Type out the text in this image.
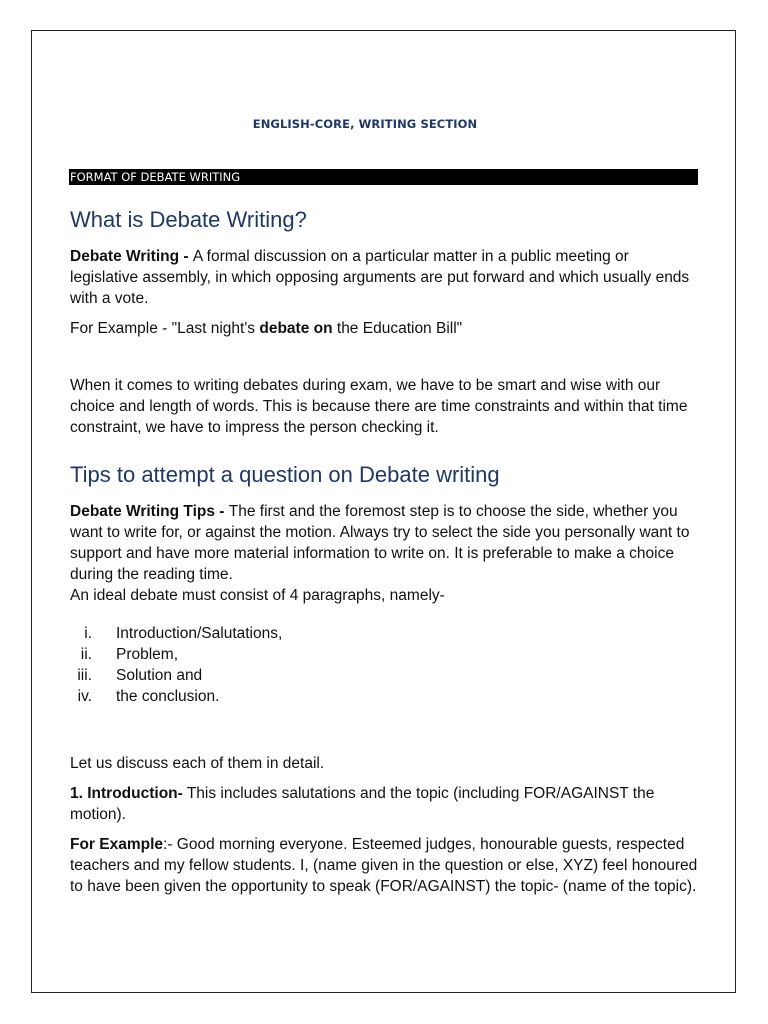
ENGLISH-CORE, WRITING SECTION
FORMAT OF DEBATE WRITING
What is Debate Writing?

Debate Writing - A formal discussion on a particular matter in a public meeting or legislative assembly, in which opposing arguments are put forward and which usually ends with a vote.

For Example - "Last night's debate on the Education Bill"

When it comes to writing debates during exam, we have to be smart and wise with our choice and length of words. This is because there are time constraints and within that time constraint, we have to impress the person checking it.

Tips to attempt a question on Debate writing

Debate Writing Tips - The first and the foremost step is to choose the side, whether you want to write for, or against the motion. Always try to select the side you personally want to support and have more material information to write on. It is preferable to make a choice during the reading time.

An ideal debate must consist of 4 paragraphs, namely-

i. Introduction/Salutations,
ii. Problem,
iii. Solution and
iv. the conclusion.

Let us discuss each of them in detail.

1. Introduction- This includes salutations and the topic (including FOR/AGAINST the motion).

For Example:- Good morning everyone. Esteemed judges, honourable guests, respected teachers and my fellow students. I, (name given in the question or else, XYZ) feel honoured to have been given the opportunity to speak (FOR/AGAINST) the topic- (name of the topic).
